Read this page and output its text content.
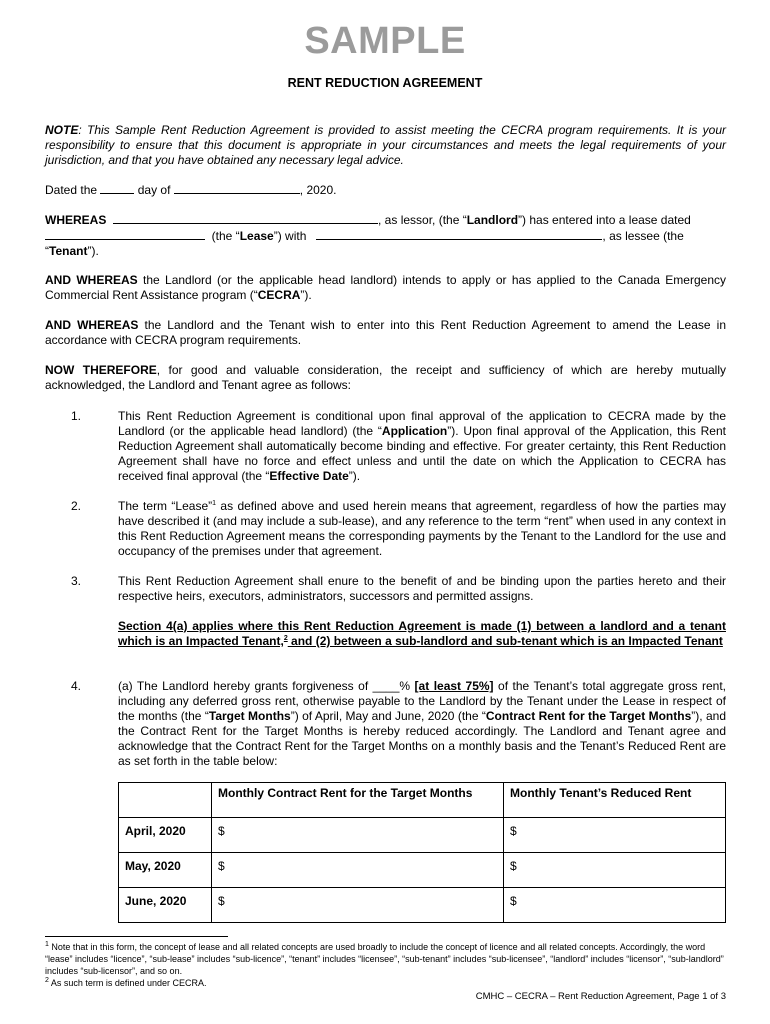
SAMPLE
RENT REDUCTION AGREEMENT
NOTE: This Sample Rent Reduction Agreement is provided to assist meeting the CECRA program requirements. It is your responsibility to ensure that this document is appropriate in your circumstances and meets the legal requirements of your jurisdiction, and that you have obtained any necessary legal advice.
Dated the	day of	, 2020.
WHEREAS	, as lessor, (the “Landlord”) has entered into a lease dated
(the “Lease”) with	, as lessee (the
“Tenant”).
AND WHEREAS the Landlord (or the applicable head landlord) intends to apply or has applied to the Canada Emergency Commercial Rent Assistance program (“CECRA”).
AND WHEREAS the Landlord and the Tenant wish to enter into this Rent Reduction Agreement to amend the Lease in accordance with CECRA program requirements.
NOW THEREFORE, for good and valuable consideration, the receipt and sufficiency of which are hereby mutually acknowledged, the Landlord and Tenant agree as follows:
1.	This Rent Reduction Agreement is conditional upon final approval of the application to CECRA made by the Landlord (or the applicable head landlord) (the “Application”). Upon final approval of the Application, this Rent Reduction Agreement shall automatically become binding and effective. For greater certainty, this Rent Reduction Agreement shall have no force and effect unless and until the date on which the Application to CECRA has received final approval (the “Effective Date”).
2.	The term “Lease”$^1$ as defined above and used herein means that agreement, regardless of how the parties may have described it (and may include a sub-lease), and any reference to the term “rent” when used in any context in this Rent Reduction Agreement means the corresponding payments by the Tenant to the Landlord for the use and occupancy of the premises under that agreement.
3.	This Rent Reduction Agreement shall enure to the benefit of and be binding upon the parties hereto and their respective heirs, executors, administrators, successors and permitted assigns.
Section 4(a) applies where this Rent Reduction Agreement is made (1) between a landlord and a tenant which is an Impacted Tenant,$^2$ and (2) between a sub-landlord and sub-tenant which is an Impacted Tenant
4.	(a) The Landlord hereby grants forgiveness of ____% [at least 75%] of the Tenant’s total aggregate gross rent, including any deferred gross rent, otherwise payable to the Landlord by the Tenant under the Lease in respect of the months (the “Target Months”) of April, May and June, 2020 (the “Contract Rent for the Target Months”), and the Contract Rent for the Target Months is hereby reduced accordingly. The Landlord and Tenant agree and acknowledge that the Contract Rent for the Target Months on a monthly basis and the Tenant’s Reduced Rent are as set forth in the table below:
	Monthly Contract Rent for the Target Months	Monthly Tenant’s Reduced Rent
April, 2020	$	$
May, 2020	$	$
June, 2020	$	$
$^1$ Note that in this form, the concept of lease and all related concepts are used broadly to include the concept of licence and all related concepts. Accordingly, the word “lease” includes “licence”, “sub-lease” includes “sub-licence”, “tenant” includes “licensee”, “sub-tenant” includes “sub-licensee”, “landlord” includes “licensor”, “sub-landlord” includes “sub-licensor”, and so on.
$^2$ As such term is defined under CECRA.
CMHC – CECRA – Rent Reduction Agreement, Page 1 of 3
